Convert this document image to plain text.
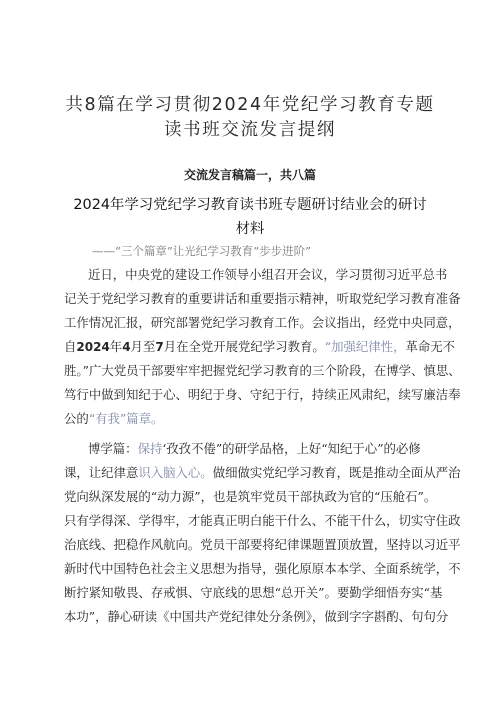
共8篇在学习贯彻2024年党纪学习教育专题
读书班交流发言提纲
交流发言稿篇一，共八篇
2024年学习党纪学习教育读书班专题研讨结业会的研讨
材料
——“三个篇章”让光纪学习教育“步步进阶”
近日，中央党的建设工作领导小组召开会议，学习贯彻习近平总书
记关于党纪学习教育的重要讲话和重要指示精神，听取党纪学习教育准备
工作情况汇报，研究部署党纪学习教育工作。会议指出，经党中央同意，
自2024年4月至7月在全党开展党纪学习教育。“加强纪律性，革命无不
胜。”广大党员干部要牢牢把握党纪学习教育的三个阶段，在博学、慎思、
笃行中做到知纪于心、明纪于身、守纪于行，持续正风肃纪，续写廉洁奉
公的“有我”篇章。
博学篇：保持‘孜孜不倦”的研学品格，上好“知纪于心”的必修
课，让纪律意识入脑入心。做细做实党纪学习教育，既是推动全面从严治
党向纵深发展的“动力源”，也是筑牢党员干部执政为官的“压舱石”。
只有学得深、学得牢，才能真正明白能干什么、不能干什么，切实守住政
治底线、把稳作风航向。党员干部要将纪律课题置顶放置，坚持以习近平
新时代中国特色社会主义思想为指导，强化原原本本学、全面系统学，不
断拧紧知敬畏、存戒惧、守底线的思想“总开关”。要勤学细悟夯实“基
本功”，静心研读《中国共产党纪律处分条例》，做到字字斟酌、句句分
